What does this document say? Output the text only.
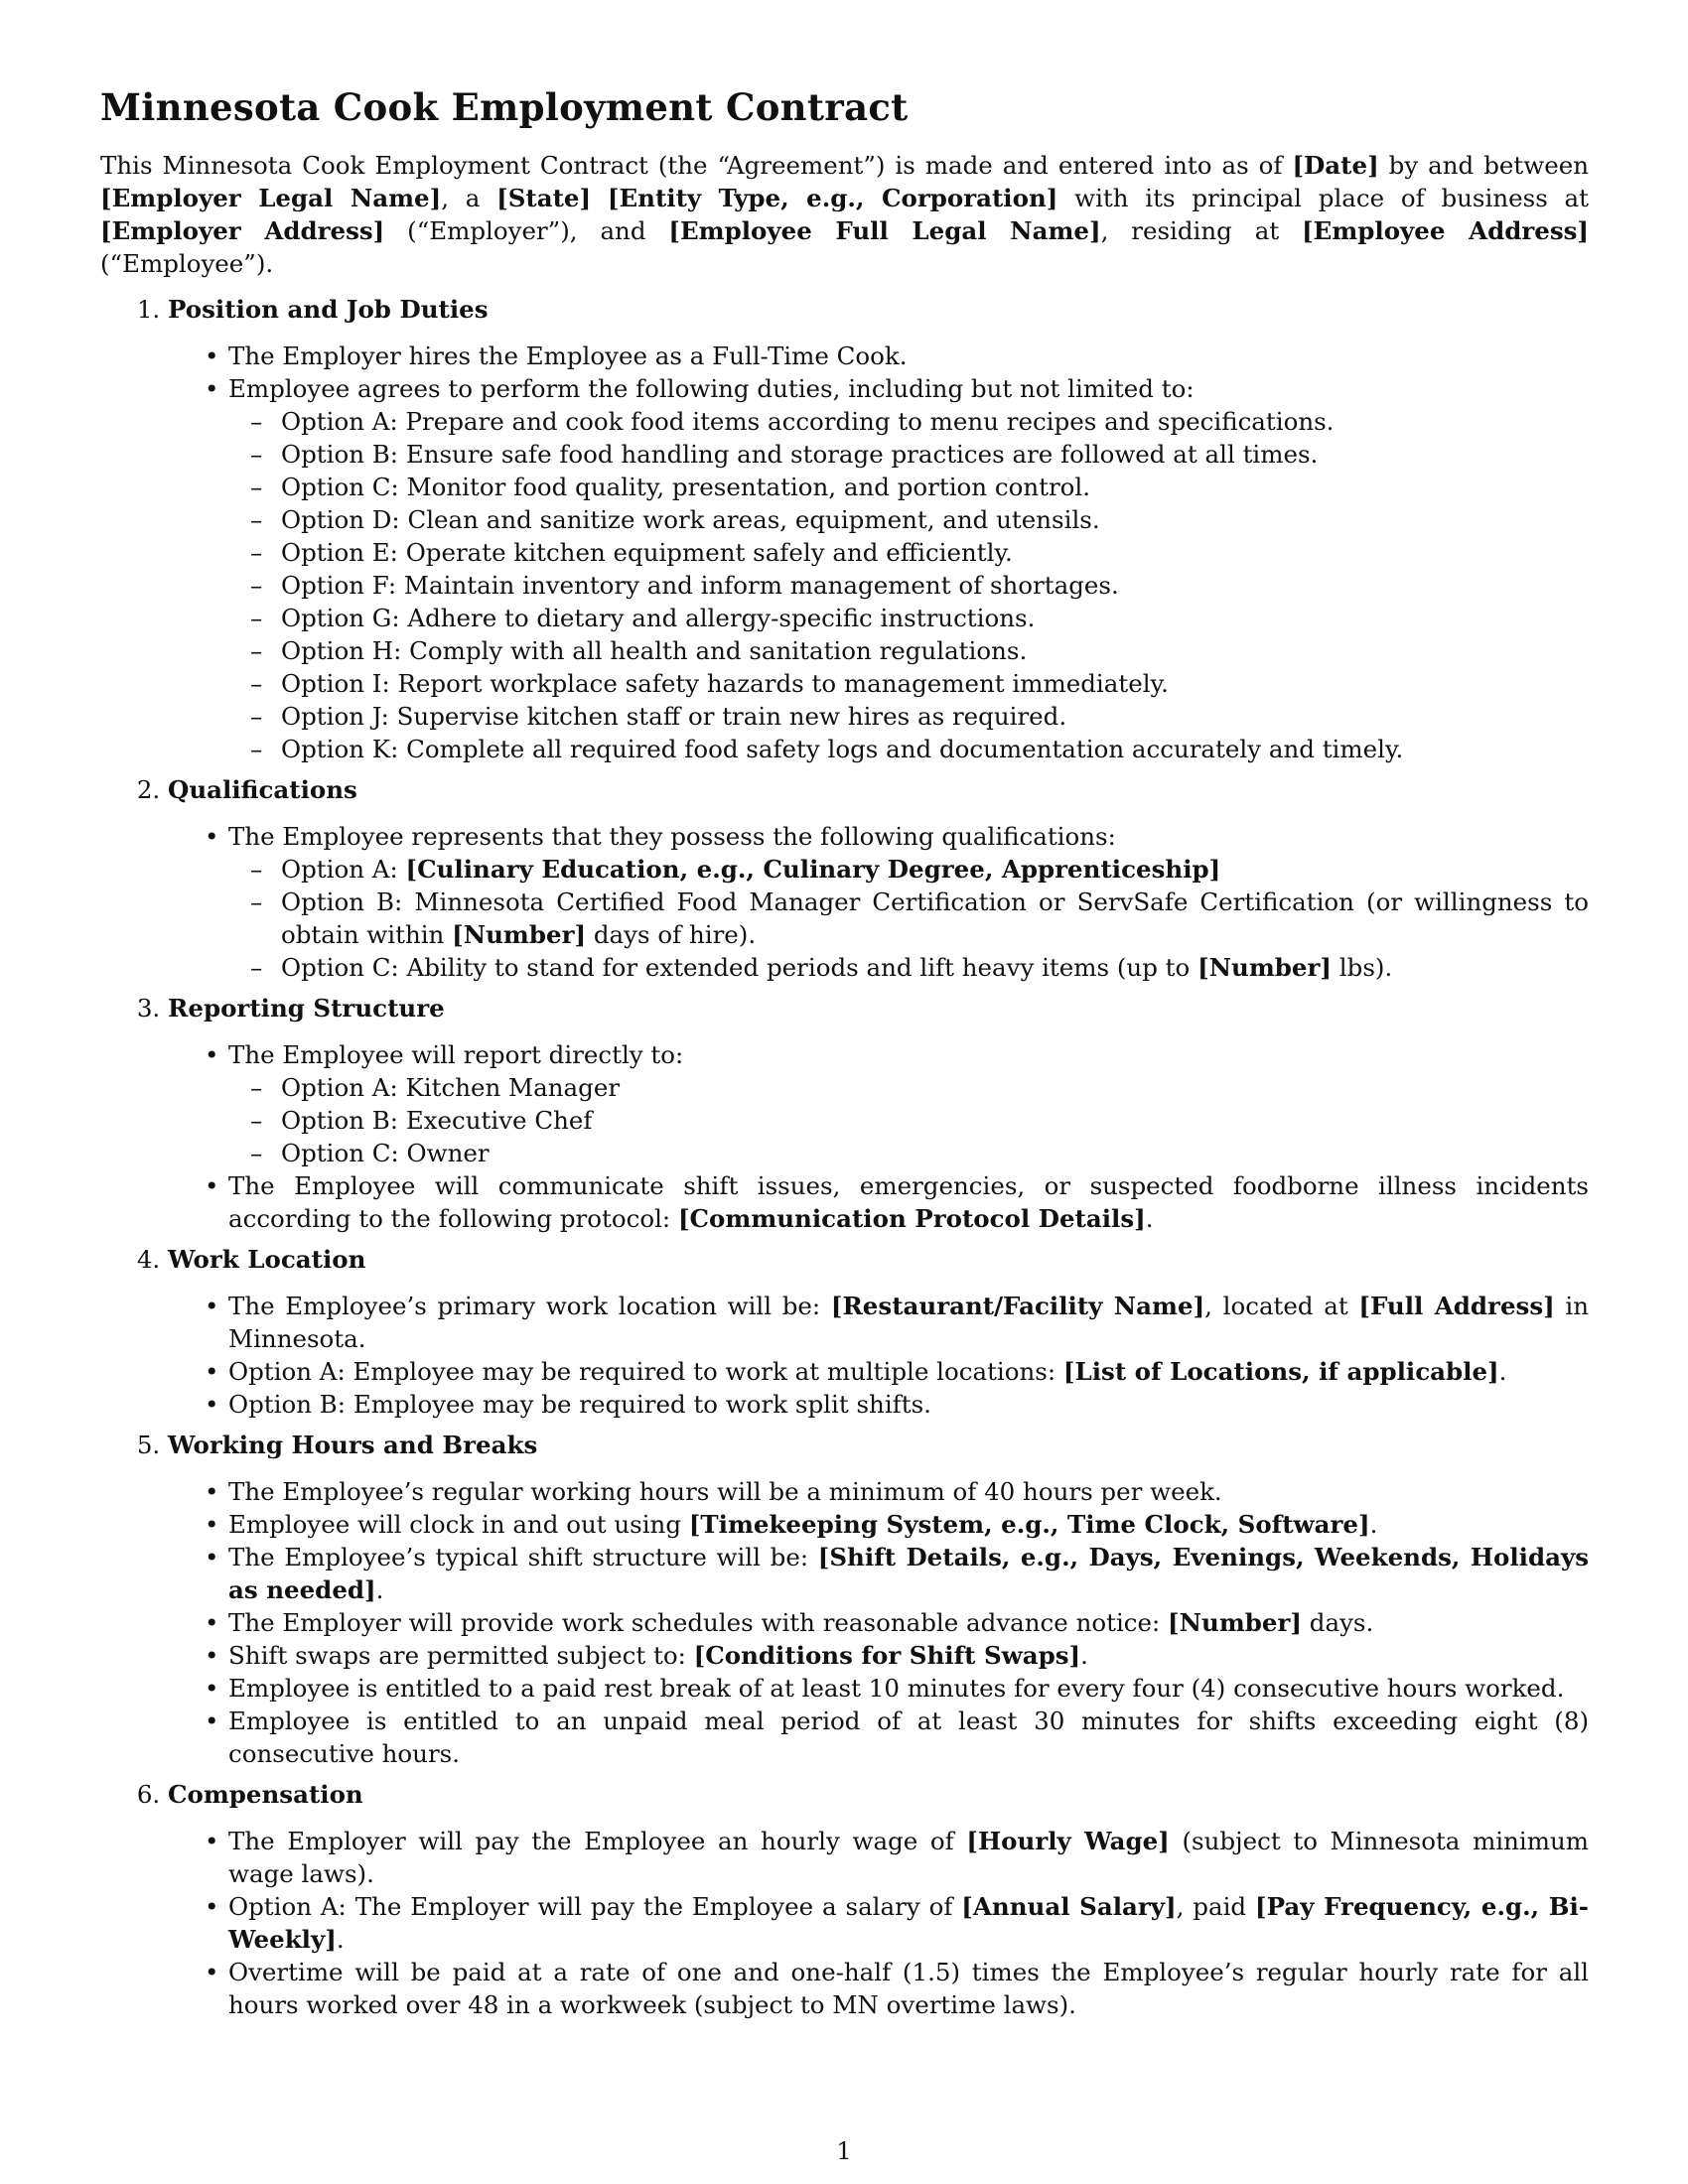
Minnesota Cook Employment Contract

This Minnesota Cook Employment Contract (the “Agreement”) is made and entered into as of [Date] by and between [Employer Legal Name], a [State] [Entity Type, e.g., Corporation] with its principal place of business at [Employer Address] (“Employer”), and [Employee Full Legal Name], residing at [Employee Address] (“Employee”).

1. Position and Job Duties
• The Employer hires the Employee as a Full-Time Cook.
• Employee agrees to perform the following duties, including but not limited to:
– Option A: Prepare and cook food items according to menu recipes and specifications.
– Option B: Ensure safe food handling and storage practices are followed at all times.
– Option C: Monitor food quality, presentation, and portion control.
– Option D: Clean and sanitize work areas, equipment, and utensils.
– Option E: Operate kitchen equipment safely and efficiently.
– Option F: Maintain inventory and inform management of shortages.
– Option G: Adhere to dietary and allergy-specific instructions.
– Option H: Comply with all health and sanitation regulations.
– Option I: Report workplace safety hazards to management immediately.
– Option J: Supervise kitchen staff or train new hires as required.
– Option K: Complete all required food safety logs and documentation accurately and timely.
2. Qualifications
• The Employee represents that they possess the following qualifications:
– Option A: [Culinary Education, e.g., Culinary Degree, Apprenticeship]
– Option B: Minnesota Certified Food Manager Certification or ServSafe Certification (or willingness to obtain within [Number] days of hire).
– Option C: Ability to stand for extended periods and lift heavy items (up to [Number] lbs).
3. Reporting Structure
• The Employee will report directly to:
– Option A: Kitchen Manager
– Option B: Executive Chef
– Option C: Owner
• The Employee will communicate shift issues, emergencies, or suspected foodborne illness incidents according to the following protocol: [Communication Protocol Details].
4. Work Location
• The Employee’s primary work location will be: [Restaurant/Facility Name], located at [Full Address] in Minnesota.
• Option A: Employee may be required to work at multiple locations: [List of Locations, if applicable].
• Option B: Employee may be required to work split shifts.
5. Working Hours and Breaks
• The Employee’s regular working hours will be a minimum of 40 hours per week.
• Employee will clock in and out using [Timekeeping System, e.g., Time Clock, Software].
• The Employee’s typical shift structure will be: [Shift Details, e.g., Days, Evenings, Weekends, Holidays as needed].
• The Employer will provide work schedules with reasonable advance notice: [Number] days.
• Shift swaps are permitted subject to: [Conditions for Shift Swaps].
• Employee is entitled to a paid rest break of at least 10 minutes for every four (4) consecutive hours worked.
• Employee is entitled to an unpaid meal period of at least 30 minutes for shifts exceeding eight (8) consecutive hours.
6. Compensation
• The Employer will pay the Employee an hourly wage of [Hourly Wage] (subject to Minnesota minimum wage laws).
• Option A: The Employer will pay the Employee a salary of [Annual Salary], paid [Pay Frequency, e.g., Bi-Weekly].
• Overtime will be paid at a rate of one and one-half (1.5) times the Employee’s regular hourly rate for all hours worked over 48 in a workweek (subject to MN overtime laws).
1
